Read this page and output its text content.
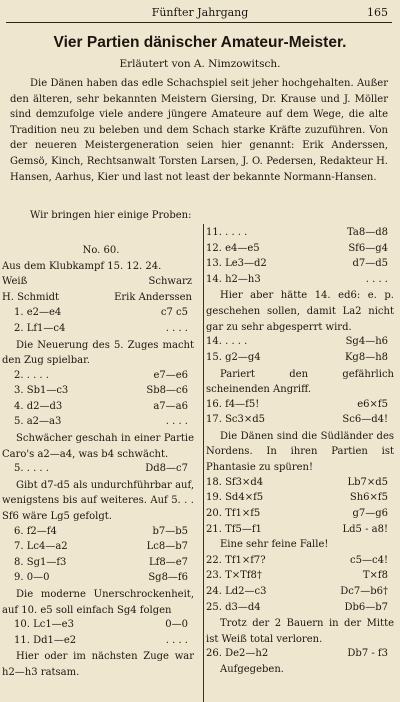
Fünfter Jahrgang	165
Vier Partien dänischer Amateur-Meister.
Erläutert von A. Nimzowitsch.
Die Dänen haben das edle Schachspiel seit jeher hochgehalten. Außer den älteren, sehr bekannten Meistern Giersing, Dr. Krause und J. Möller sind demzufolge viele andere jüngere Amateure auf dem Wege, die alte Tradition neu zu beleben und dem Schach starke Kräfte zuzuführen. Von der neueren Meistergeneration seien hier genannt: Erik Anderssen, Gemsö, Kinch, Rechtsanwalt Torsten Larsen, J. O. Pedersen, Redakteur H. Hansen, Aarhus, Kier und last not least der bekannte Normann-Hansen.
Wir bringen hier einige Proben:
No. 60.
Aus dem Klubkampf 15. 12. 24.
Weiß	Schwarz
H. Schmidt	Erik Anderssen
1. e2—e4	c7 c5
2. Lf1—c4	. . . .
Die Neuerung des 5. Zuges macht den Zug spielbar.
2. . . . .	e7—e6
3. Sb1—c3	Sb8—c6
4. d2—d3	a7—a6
5. a2—a3	. . . .
Schwächer geschah in einer Partie Caro's a2—a4, was b4 schwächt.
5. . . . .	Dd8—c7
Gibt d7-d5 als undurchführbar auf, wenigstens bis auf weiteres. Auf 5. . . Sf6 wäre Lg5 gefolgt.
6. f2—f4	b7—b5
7. Lc4—a2	Lc8—b7
8. Sg1—f3	Lf8—e7
9. 0—0	Sg8—f6
Die moderne Unerschrockenheit, auf 10. e5 soll einfach Sg4 folgen
10. Lc1—e3	0—0
11. Dd1—e2	. . . .
Hier oder im nächsten Zuge war h2—h3 ratsam.
11. . . . .	Ta8—d8
12. e4—e5	Sf6—g4
13. Le3—d2	d7—d5
14. h2—h3	. . . .
Hier aber hätte 14. ed6: e. p. geschehen sollen, damit La2 nicht gar zu sehr abgesperrt wird.
14. . . . .	Sg4—h6
15. g2—g4	Kg8—h8
Pariert den gefährlich scheinenden Angriff.
16. f4—f5!	e6×f5
17. Sc3×d5	Sc6—d4!
Die Dänen sind die Südländer des Nordens. In ihren Partien ist Phantasie zu spüren!
18. Sf3×d4	Lb7×d5
19. Sd4×f5	Sh6×f5
20. Tf1×f5	g7—g6
21. Tf5—f1	Ld5 - a8!
Eine sehr feine Falle!
22. Tf1×f7?	c5—c4!
23. T×Tf8†	T×f8
24. Ld2—c3	Dc7—b6†
25. d3—d4	Db6—b7
Trotz der 2 Bauern in der Mitte ist Weiß total verloren.
26. De2—h2	Db7 - f3
Aufgegeben.
